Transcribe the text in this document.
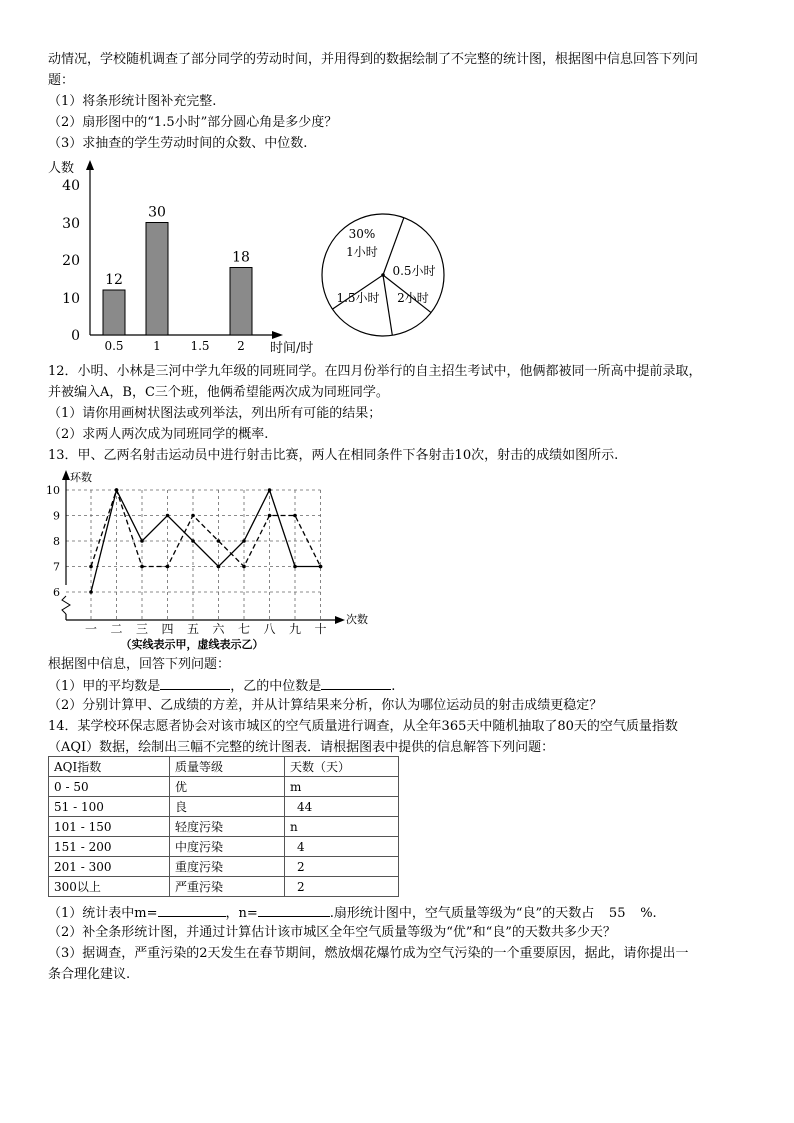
动情况，学校随机调查了部分同学的劳动时间，并用得到的数据绘制了不完整的统计图，根据图中信息回答下列问
题：
（1）将条形统计图补充完整.
（2）扇形图中的“1.5小时”部分圆心角是多少度？
（3）求抽查的学生劳动时间的众数、中位数.
人数
0
10
20
30
40
0.5 1 1.5 2 时间/时
12
30
18
30%
1小时
0.5小时
2小时
1.5小时
12．小明、小林是三河中学九年级的同班同学。在四月份举行的自主招生考试中，他俩都被同一所高中提前录取，
并被编入A，B，C三个班，他俩希望能两次成为同班同学。
（1）请你用画树状图法或列举法，列出所有可能的结果；
（2）求两人两次成为同班同学的概率.
13．甲、乙两名射击运动员中进行射击比赛，两人在相同条件下各射击10次，射击的成绩如图所示.
环数
次数
6
7
8
9
10
一 二 三 四 五 六 七 八 九 十
（实线表示甲，虚线表示乙）
根据图中信息，回答下列问题：
（1）甲的平均数是	，乙的中位数是	.
（2）分别计算甲、乙成绩的方差，并从计算结果来分析，你认为哪位运动员的射击成绩更稳定？
14．某学校环保志愿者协会对该市城区的空气质量进行调查，从全年365天中随机抽取了80天的空气质量指数
（AQI）数据，绘制出三幅不完整的统计图表．请根据图表中提供的信息解答下列问题：
AQI指数	质量等级	天数（天）
0 - 50	优	m
51 - 100	良	44
101 - 150	轻度污染	n
151 - 200	中度污染	4
201 - 300	重度污染	2
300以上	严重污染	2
（1）统计表中m=	，n=	.扇形统计图中，空气质量等级为“良”的天数占 55 %.
（2）补全条形统计图，并通过计算估计该市城区全年空气质量等级为“优”和“良”的天数共多少天？
（3）据调查，严重污染的2天发生在春节期间，燃放烟花爆竹成为空气污染的一个重要原因，据此，请你提出一
条合理化建议.
